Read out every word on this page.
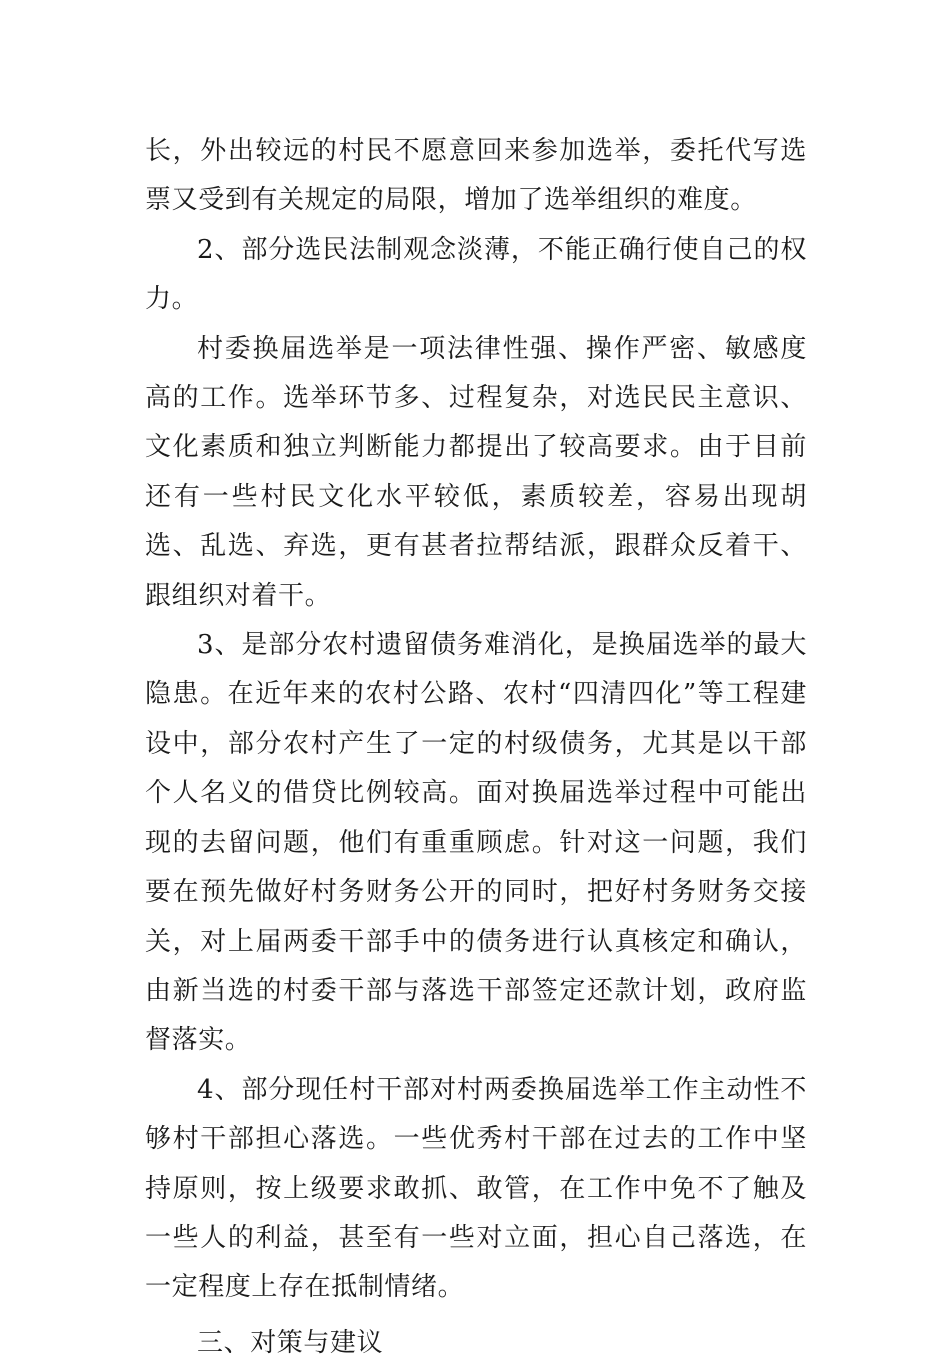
长，外出较远的村民不愿意回来参加选举，委托代写选票又受到有关规定的局限，增加了选举组织的难度。

2、部分选民法制观念淡薄，不能正确行使自己的权力。

村委换届选举是一项法律性强、操作严密、敏感度高的工作。选举环节多、过程复杂，对选民民主意识、文化素质和独立判断能力都提出了较高要求。由于目前还有一些村民文化水平较低，素质较差，容易出现胡选、乱选、弃选，更有甚者拉帮结派，跟群众反着干、跟组织对着干。

3、是部分农村遗留债务难消化，是换届选举的最大隐患。在近年来的农村公路、农村“四清四化”等工程建设中，部分农村产生了一定的村级债务，尤其是以干部个人名义的借贷比例较高。面对换届选举过程中可能出现的去留问题，他们有重重顾虑。针对这一问题，我们要在预先做好村务财务公开的同时，把好村务财务交接关，对上届两委干部手中的债务进行认真核定和确认，由新当选的村委干部与落选干部签定还款计划，政府监督落实。

4、部分现任村干部对村两委换届选举工作主动性不够村干部担心落选。一些优秀村干部在过去的工作中坚持原则，按上级要求敢抓、敢管，在工作中免不了触及一些人的利益，甚至有一些对立面，担心自己落选，在一定程度上存在抵制情绪。

三、对策与建议
